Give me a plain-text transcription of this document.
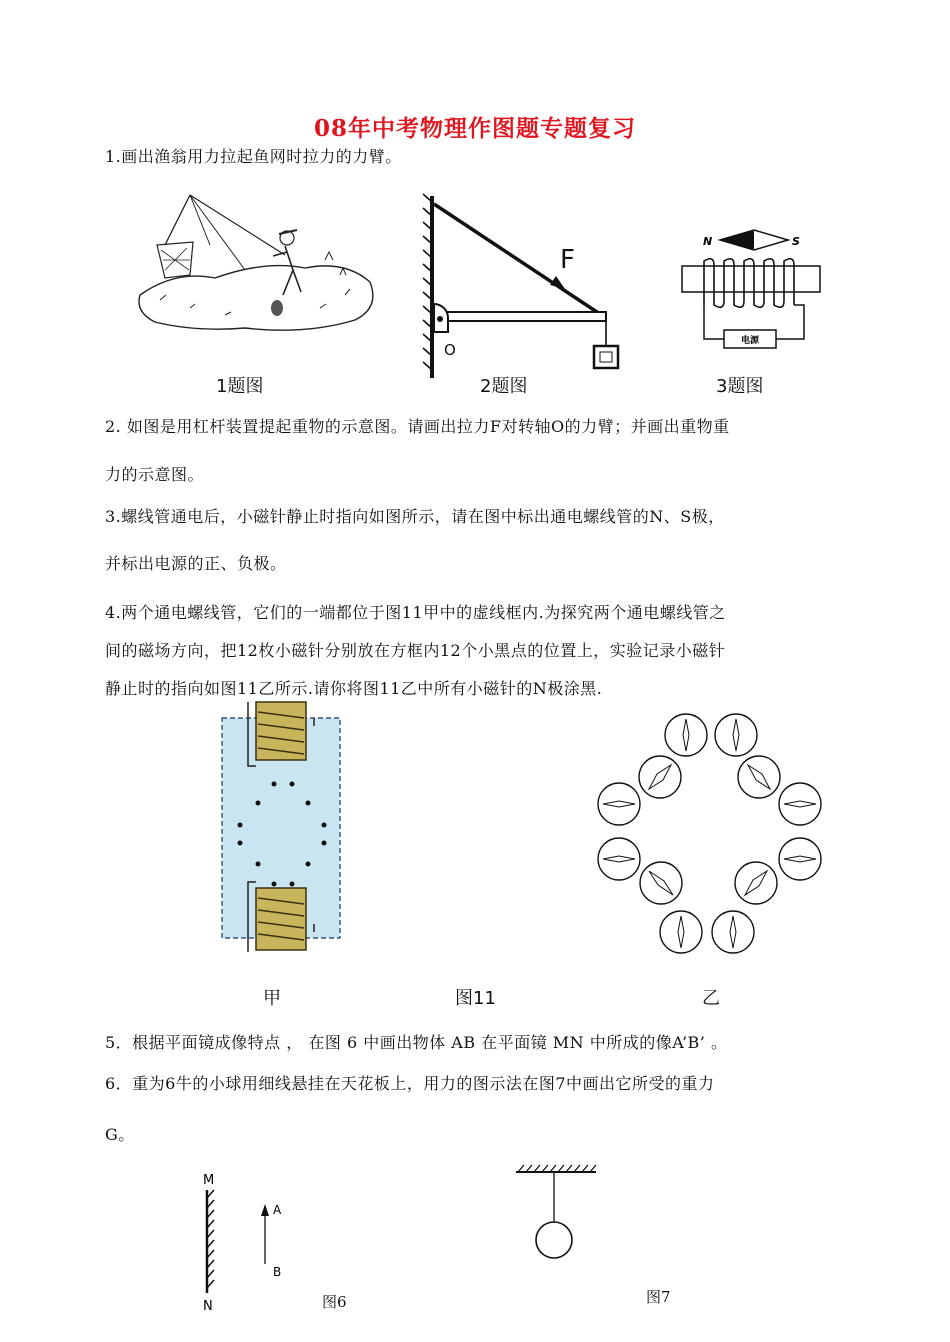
08年中考物理作图题专题复习
1.画出渔翁用力拉起鱼网时拉力的力臂。
1题图
F
O
2题图
N	S
电源
3题图
2. 如图是用杠杆装置提起重物的示意图。请画出拉力F对转轴O的力臂；并画出重物重
力的示意图。
3.螺线管通电后，小磁针静止时指向如图所示，请在图中标出通电螺线管的N、S极，
并标出电源的正、负极。
4.两个通电螺线管，它们的一端都位于图11甲中的虚线框内.为探究两个通电螺线管之
间的磁场方向，把12枚小磁针分别放在方框内12个小黑点的位置上，实验记录小磁针
静止时的指向如图11乙所示.请你将图11乙中所有小磁针的N极涂黑.
甲	图11	乙
5．根据平面镜成像特点 ， 在图 6 中画出物体 AB 在平面镜 MN 中所成的像A’B’ 。
6．重为6牛的小球用细线悬挂在天花板上，用力的图示法在图7中画出它所受的重力
G。
M
N
A
B
图6	图7
